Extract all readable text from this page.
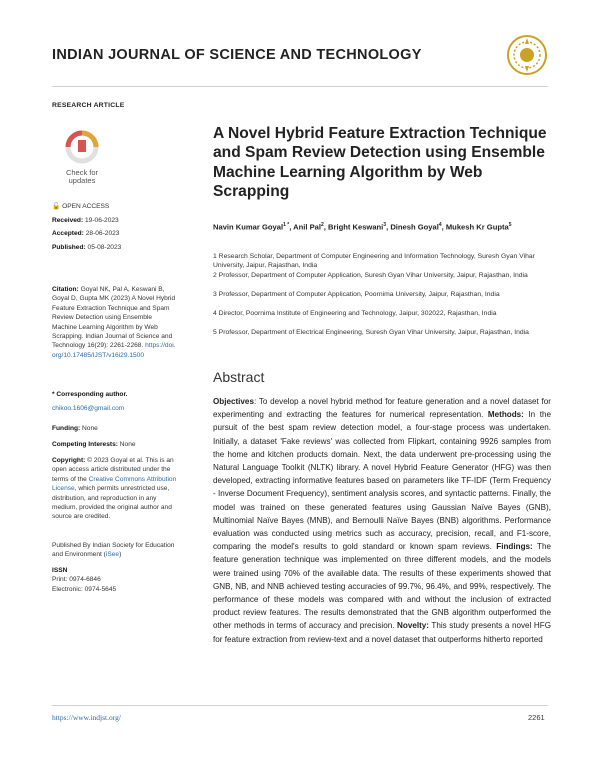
INDIAN JOURNAL OF SCIENCE AND TECHNOLOGY
RESEARCH ARTICLE
Check for
updates
🔓 OPEN ACCESS
Received: 19-06-2023
Accepted: 28-06-2023
Published: 05-08-2023
Citation: Goyal NK, Pal A, Keswani B, Goyal D, Gupta MK (2023) A Novel Hybrid Feature Extraction Technique and Spam Review Detection using Ensemble Machine Learning Algorithm by Web Scrapping. Indian Journal of Science and Technology 16(29): 2261-2268. https://doi.org/10.17485/IJST/v16i29.1500
* Corresponding author.
chikoo.1606@gmail.com
Funding: None
Competing Interests: None
Copyright: © 2023 Goyal et al. This is an open access article distributed under the terms of the Creative Commons Attribution License, which permits unrestricted use, distribution, and reproduction in any medium, provided the original author and source are credited.
Published By Indian Society for Education and Environment (iSee)
ISSN
Print: 0974-6846
Electronic: 0974-5645
A Novel Hybrid Feature Extraction Technique and Spam Review Detection using Ensemble Machine Learning Algorithm by Web Scrapping
Navin Kumar Goyal$^{1 *}$, Anil Pal$^2$, Bright Keswani$^3$, Dinesh Goyal$^4$, Mukesh Kr Gupta$^5$
1 Research Scholar, Department of Computer Engineering and Information Technology, Suresh Gyan Vihar University, Jaipur, Rajasthan, India
2 Professor, Department of Computer Application, Suresh Gyan Vihar University, Jaipur, Rajasthan, India
3 Professor, Department of Computer Application, Poornima University, Jaipur, Rajasthan, India
4 Director, Poornima Institute of Engineering and Technology, Jaipur, 302022, Rajasthan, India
5 Professor, Department of Electrical Engineering, Suresh Gyan Vihar University, Jaipur, Rajasthan, India
Abstract
Objectives: To develop a novel hybrid method for feature generation and a novel dataset for experimenting and extracting the features for numerical representation. Methods: In the pursuit of the best spam review detection model, a four-stage process was undertaken. Initially, a dataset 'Fake reviews' was collected from Flipkart, containing 9926 samples from the home and kitchen products domain. Next, the data underwent pre-processing using the Natural Language Toolkit (NLTK) library. A novel Hybrid Feature Generator (HFG) was then developed, extracting informative features based on parameters like TF-IDF (Term Frequency - Inverse Document Frequency), sentiment analysis scores, and syntactic patterns. Finally, the model was trained on these generated features using Gaussian Naïve Bayes (GNB), Multinomial Naïve Bayes (MNB), and Bernoulli Naïve Bayes (BNB) algorithms. Performance evaluation was conducted using metrics such as accuracy, precision, recall, and F1-score, comparing the model's results to gold standard or known spam reviews. Findings: The feature generation technique was implemented on three different models, and the models were trained using 70% of the available data. The results of these experiments showed that GNB, NB, and NNB achieved testing accuracies of 99.7%, 96.4%, and 99%, respectively. The performance of these models was compared with and without the inclusion of extracted product review features. The results demonstrated that the GNB algorithm outperformed the other methods in terms of accuracy and precision. Novelty: This study presents a novel HFG for feature extraction from review-text and a novel dataset that outperforms hitherto reported
https://www.indjst.org/	2261
